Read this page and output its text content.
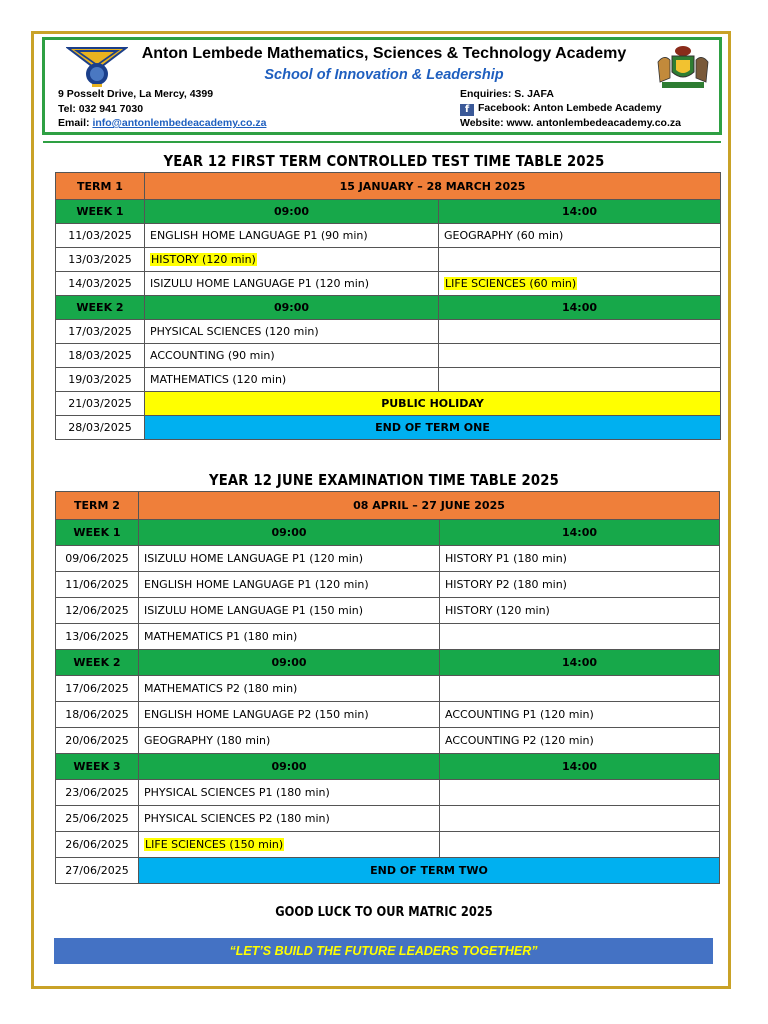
Anton Lembede Mathematics, Sciences & Technology Academy
School of Innovation & Leadership
9 Posselt Drive, La Mercy, 4399
Tel: 032 941 7030
Email: info@antonlembedeacademy.co.za
Enquiries: S. JAFA
f Facebook: Anton Lembede Academy
Website: www. antonlembedeacademy.co.za
YEAR 12 FIRST TERM CONTROLLED TEST TIME TABLE 2025
TERM 1	15 JANUARY – 28 MARCH 2025	
WEEK 1	09:00	14:00
11/03/2025	ENGLISH HOME LANGUAGE P1 (90 min)	GEOGRAPHY (60 min)
13/03/2025	HISTORY (120 min)	
14/03/2025	ISIZULU HOME LANGUAGE P1 (120 min)	LIFE SCIENCES (60 min)
WEEK 2	09:00	14:00
17/03/2025	PHYSICAL SCIENCES (120 min)	
18/03/2025	ACCOUNTING (90 min)	
19/03/2025	MATHEMATICS (120 min)	
21/03/2025	PUBLIC HOLIDAY	
28/03/2025	END OF TERM ONE	
YEAR 12 JUNE EXAMINATION TIME TABLE 2025
TERM 2	08 APRIL – 27 JUNE 2025	
WEEK 1	09:00	14:00
09/06/2025	ISIZULU HOME LANGUAGE P1 (120 min)	HISTORY P1 (180 min)
11/06/2025	ENGLISH HOME LANGUAGE P1 (120 min)	HISTORY P2 (180 min)
12/06/2025	ISIZULU HOME LANGUAGE P1 (150 min)	HISTORY (120 min)
13/06/2025	MATHEMATICS P1 (180 min)	
WEEK 2	09:00	14:00
17/06/2025	MATHEMATICS P2 (180 min)	
18/06/2025	ENGLISH HOME LANGUAGE P2 (150 min)	ACCOUNTING P1 (120 min)
20/06/2025	GEOGRAPHY (180 min)	ACCOUNTING P2 (120 min)
WEEK 3	09:00	14:00
23/06/2025	PHYSICAL SCIENCES P1 (180 min)	
25/06/2025	PHYSICAL SCIENCES P2 (180 min)	
26/06/2025	LIFE SCIENCES (150 min)	
27/06/2025	END OF TERM TWO	
GOOD LUCK TO OUR MATRIC 2025
“LET’S BUILD THE FUTURE LEADERS TOGETHER”
